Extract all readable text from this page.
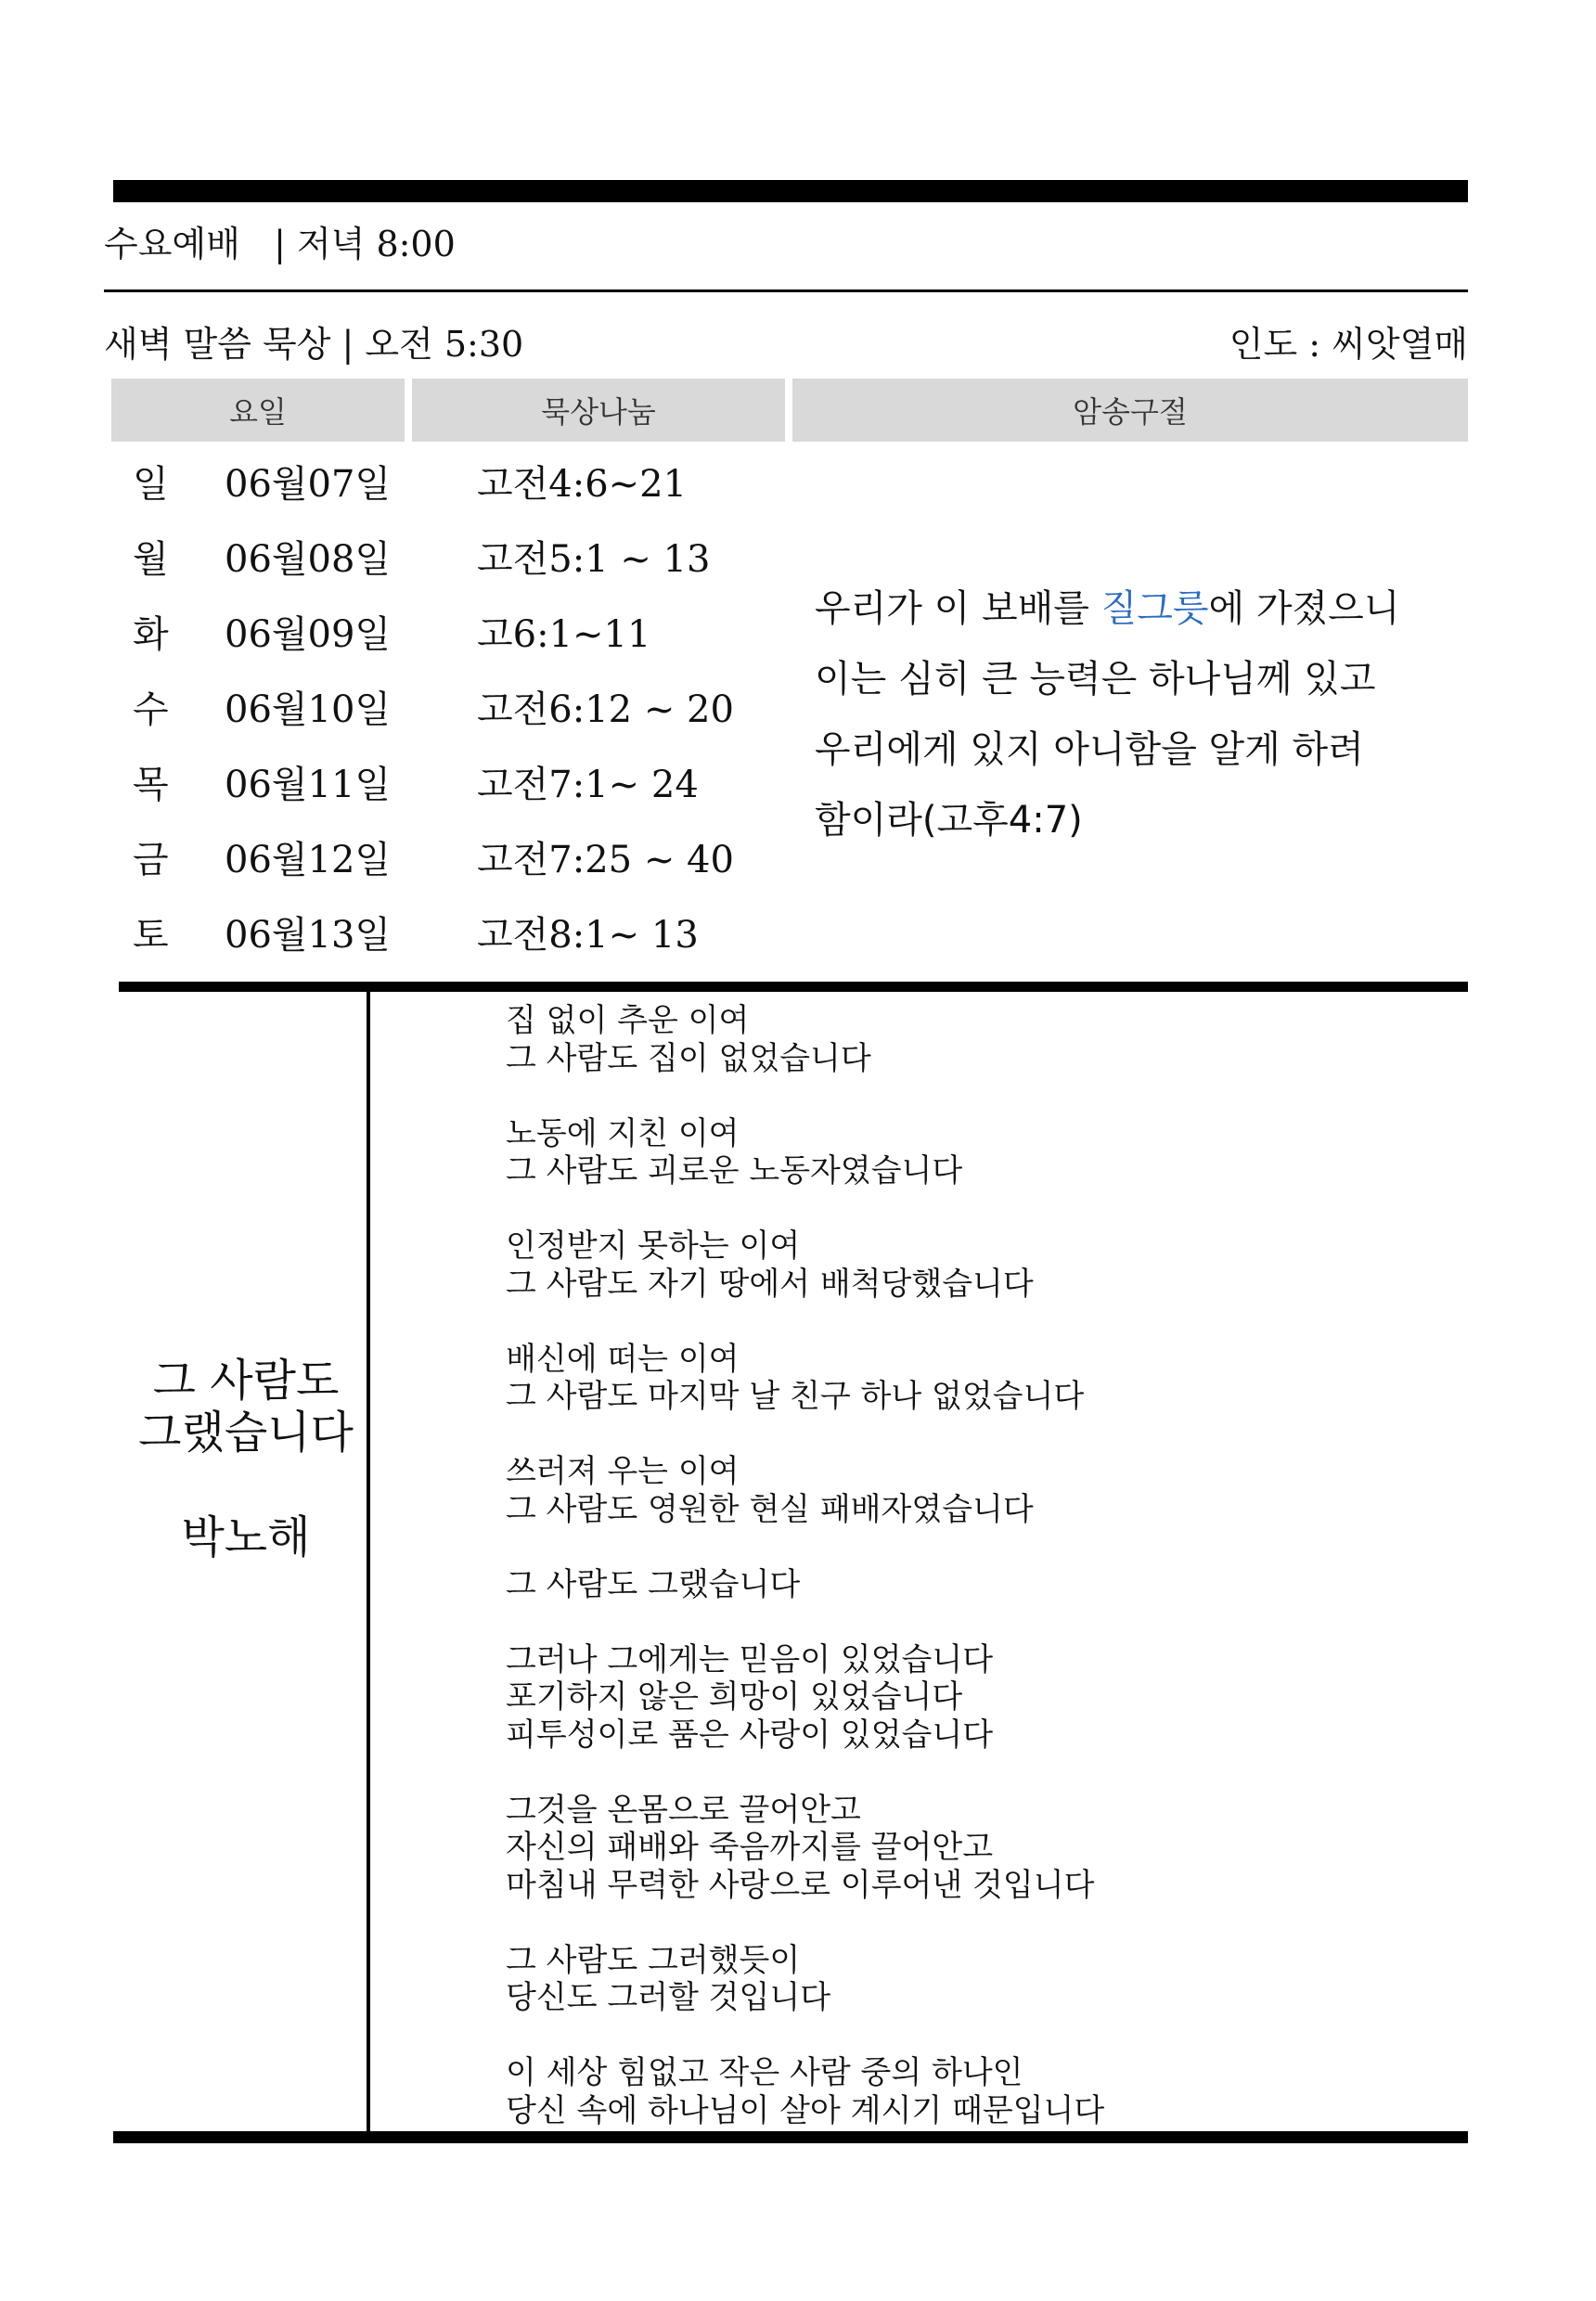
수요예배   | 저녁 8:00
새벽 말씀 묵상 | 오전 5:30	인도 : 씨앗열매
요일	묵상나눔	암송구절
일 06월07일 고전4:6~21
월 06월08일 고전5:1 ~ 13
화 06월09일 고6:1~11
수 06월10일 고전6:12 ~ 20
목 06월11일 고전7:1~ 24
금 06월12일 고전7:25 ~ 40
토 06월13일 고전8:1~ 13
우리가 이 보배를 질그릇에 가졌으니 이는 심히 큰 능력은 하나님께 있고 우리에게 있지 아니함을 알게 하려 함이라(고후4:7)
그 사람도
그랬습니다
박노해
집 없이 추운 이여
그 사람도 집이 없었습니다
노동에 지친 이여
그 사람도 괴로운 노동자였습니다
인정받지 못하는 이여
그 사람도 자기 땅에서 배척당했습니다
배신에 떠는 이여
그 사람도 마지막 날 친구 하나 없었습니다
쓰러져 우는 이여
그 사람도 영원한 현실 패배자였습니다
그 사람도 그랬습니다
그러나 그에게는 믿음이 있었습니다
포기하지 않은 희망이 있었습니다
피투성이로 품은 사랑이 있었습니다
그것을 온몸으로 끌어안고
자신의 패배와 죽음까지를 끌어안고
마침내 무력한 사랑으로 이루어낸 것입니다
그 사람도 그러했듯이
당신도 그러할 것입니다
이 세상 힘없고 작은 사람 중의 하나인
당신 속에 하나님이 살아 계시기 때문입니다
